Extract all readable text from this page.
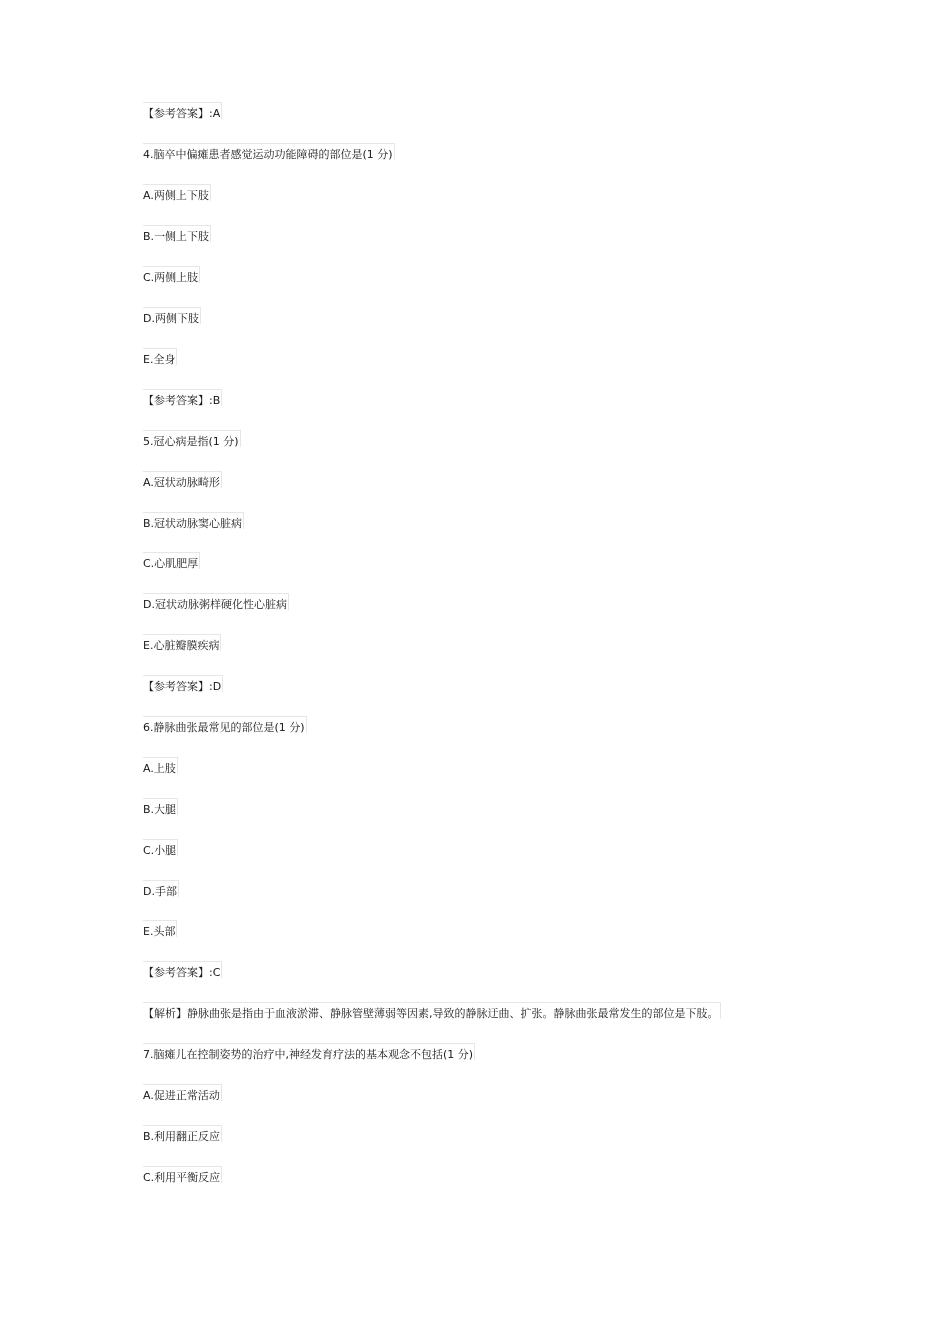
【参考答案】:A
4.脑卒中偏瘫患者感觉运动功能障碍的部位是(1 分)
A.两侧上下肢
B.一侧上下肢
C.两侧上肢
D.两侧下肢
E.全身
【参考答案】:B
5.冠心病是指(1 分)
A.冠状动脉畸形
B.冠状动脉窦心脏病
C.心肌肥厚
D.冠状动脉粥样硬化性心脏病
E.心脏瓣膜疾病
【参考答案】:D
6.静脉曲张最常见的部位是(1 分)
A.上肢
B.大腿
C.小腿
D.手部
E.头部
【参考答案】:C
【解析】静脉曲张是指由于血液淤滞、静脉管壁薄弱等因素,导致的静脉迂曲、扩张。静脉曲张最常发生的部位是下肢。
7.脑瘫儿在控制姿势的治疗中,神经发育疗法的基本观念不包括(1 分)
A.促进正常活动
B.利用翻正反应
C.利用平衡反应
